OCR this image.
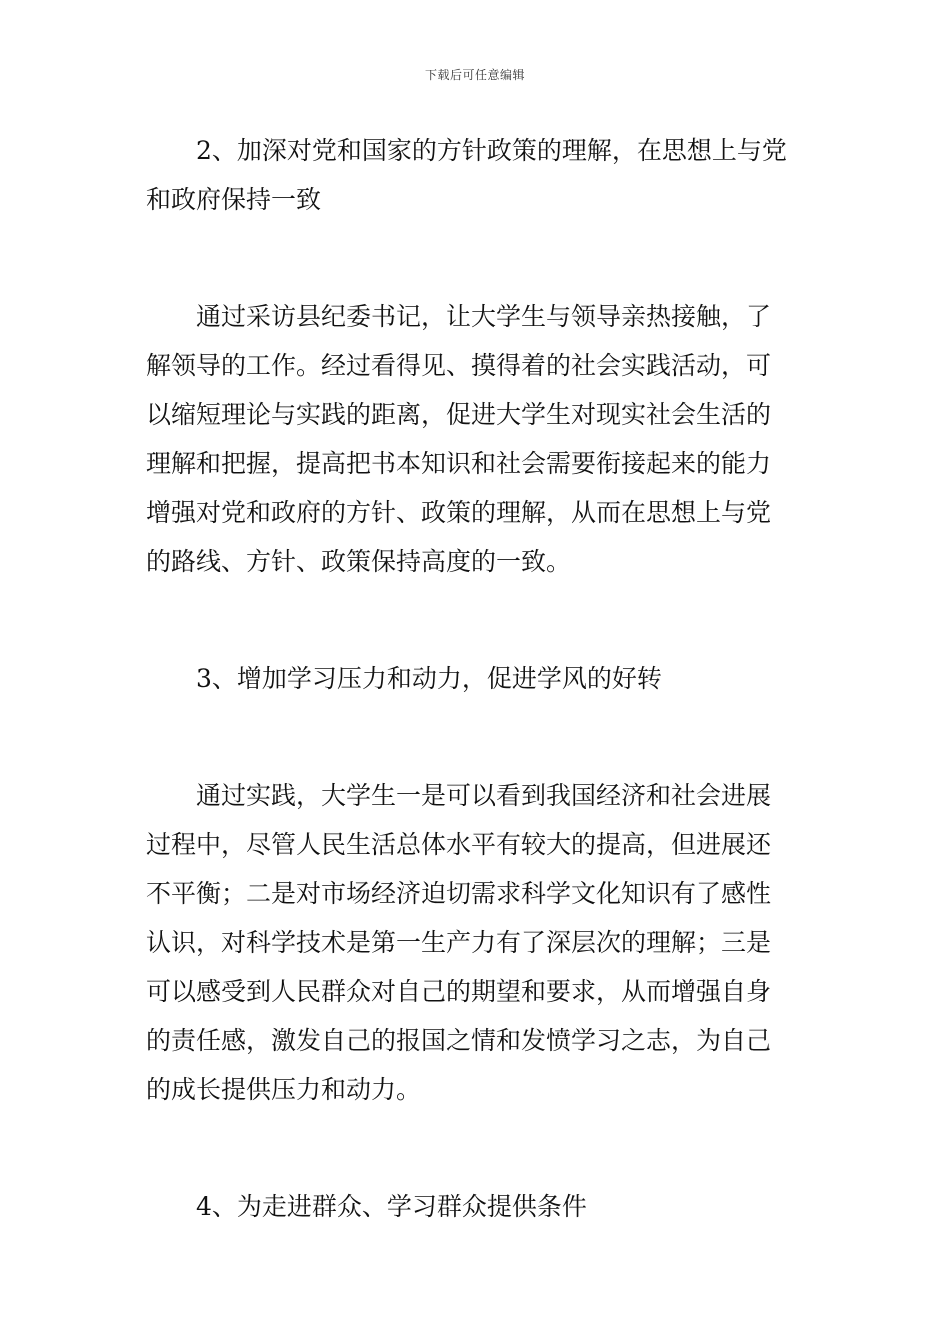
下载后可任意编辑
2、加深对党和国家的方针政策的理解，在思想上与党
和政府保持一致
通过采访县纪委书记，让大学生与领导亲热接触，了
解领导的工作。经过看得见、摸得着的社会实践活动，可
以缩短理论与实践的距离，促进大学生对现实社会生活的
理解和把握，提高把书本知识和社会需要衔接起来的能力
增强对党和政府的方针、政策的理解，从而在思想上与党
的路线、方针、政策保持高度的一致。
3、增加学习压力和动力，促进学风的好转
通过实践，大学生一是可以看到我国经济和社会进展
过程中，尽管人民生活总体水平有较大的提高，但进展还
不平衡；二是对市场经济迫切需求科学文化知识有了感性
认识，对科学技术是第一生产力有了深层次的理解；三是
可以感受到人民群众对自己的期望和要求，从而增强自身
的责任感，激发自己的报国之情和发愤学习之志，为自己
的成长提供压力和动力。
4、为走进群众、学习群众提供条件
